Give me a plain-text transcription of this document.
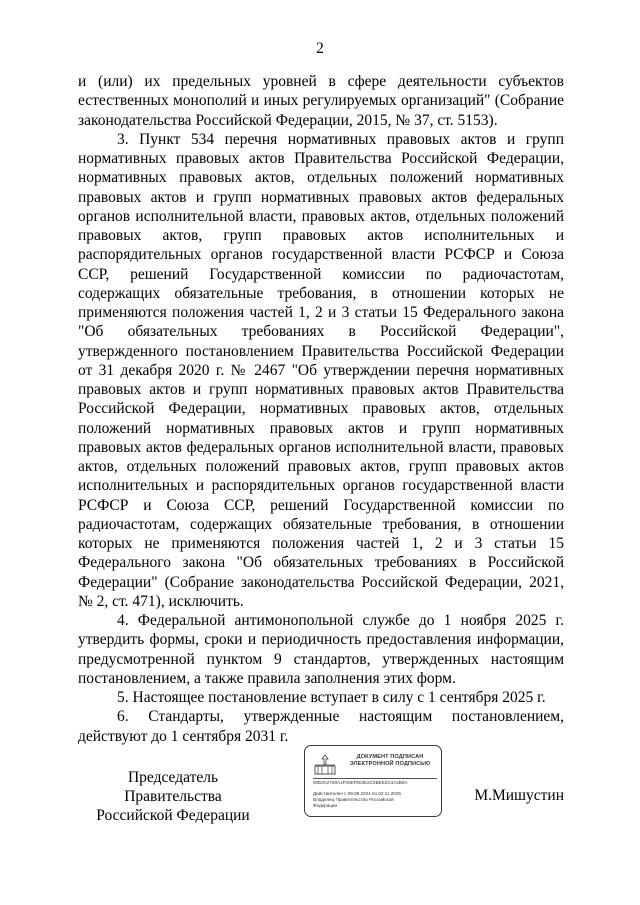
2

и (или) их предельных уровней в сфере деятельности субъектов естественных монополий и иных регулируемых организаций" (Собрание законодательства Российской Федерации, 2015, № 37, ст. 5153).

3. Пункт 534 перечня нормативных правовых актов и групп нормативных правовых актов Правительства Российской Федерации, нормативных правовых актов, отдельных положений нормативных правовых актов и групп нормативных правовых актов федеральных органов исполнительной власти, правовых актов, отдельных положений правовых актов, групп правовых актов исполнительных и распорядительных органов государственной власти РСФСР и Союза ССР, решений Государственной комиссии по радиочастотам, содержащих обязательные требования, в отношении которых не применяются положения частей 1, 2 и 3 статьи 15 Федерального закона "Об обязательных требованиях в Российской Федерации", утвержденного постановлением Правительства Российской Федерации от 31 декабря 2020 г. № 2467 "Об утверждении перечня нормативных правовых актов и групп нормативных правовых актов Правительства Российской Федерации, нормативных правовых актов, отдельных положений нормативных правовых актов и групп нормативных правовых актов федеральных органов исполнительной власти, правовых актов, отдельных положений правовых актов, групп правовых актов исполнительных и распорядительных органов государственной власти РСФСР и Союза ССР, решений Государственной комиссии по радиочастотам, содержащих обязательные требования, в отношении которых не применяются положения частей 1, 2 и 3 статьи 15 Федерального закона "Об обязательных требованиях в Российской Федерации" (Собрание законодательства Российской Федерации, 2021, № 2, ст. 471), исключить.

4. Федеральной антимонопольной службе до 1 ноября 2025 г. утвердить формы, сроки и периодичность предоставления информации, предусмотренной пунктом 9 стандартов, утвержденных настоящим постановлением, а также правила заполнения этих форм.

5. Настоящее постановление вступает в силу с 1 сентября 2025 г.

6. Стандарты, утвержденные настоящим постановлением, действуют до 1 сентября 2031 г.

Председатель Правительства
Российской Федерации
ДОКУМЕНТ ПОДПИСАН
ЭЛЕКТРОННОЙ ПОДПИСЬЮ
00E0A2700A1F00EF604E2C5BEE2C4A2B0A
Действителен с 09.08.2024 по 02.11.2025
Владелец Правительство Российской
Федерации
М.Мишустин
